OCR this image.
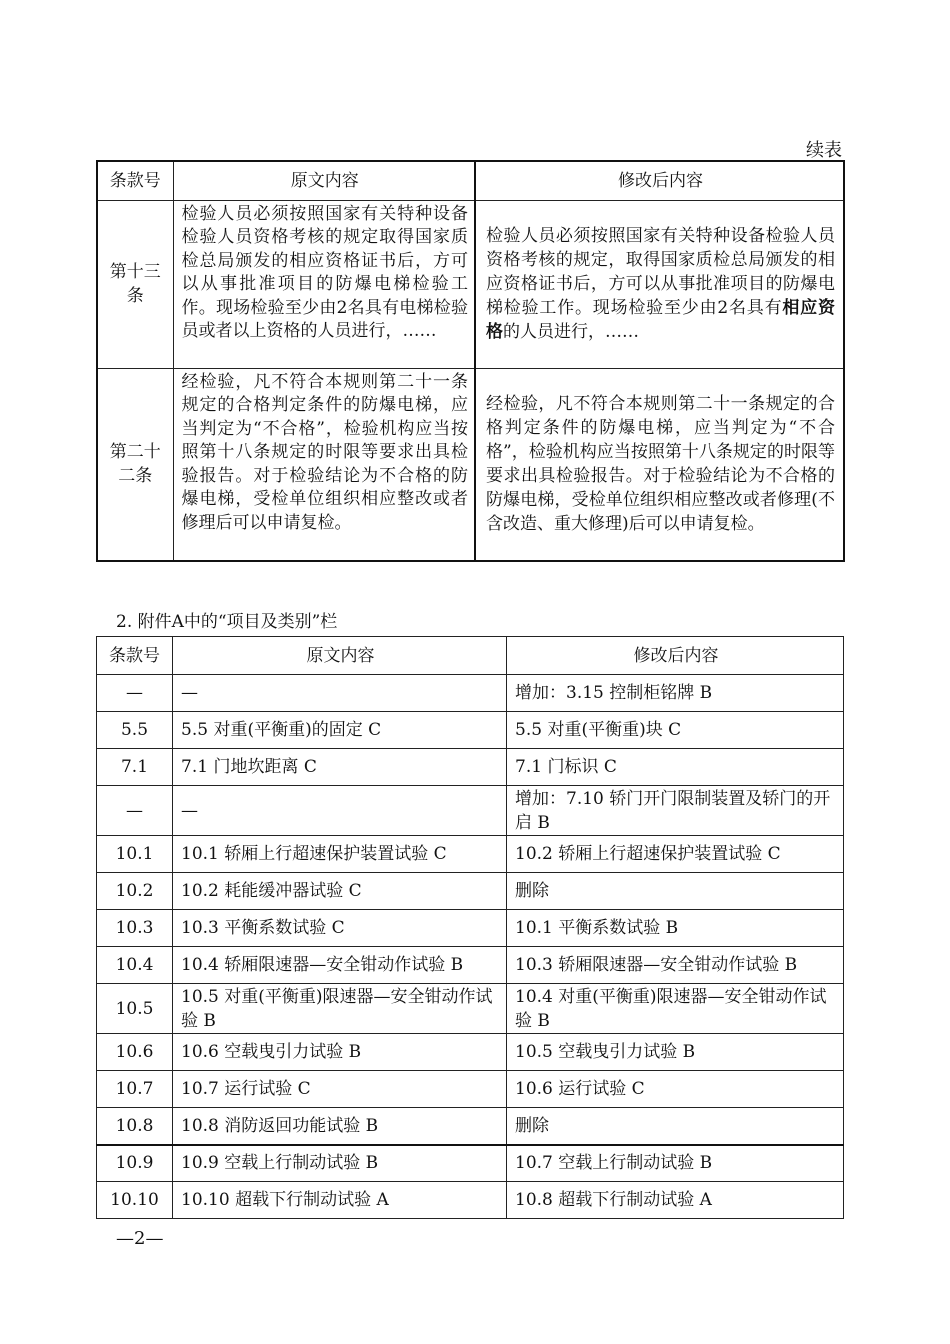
续表
条款号	原文内容	修改后内容
第十三条	检验人员必须按照国家有关特种设备检验人员资格考核的规定取得国家质检总局颁发的相应资格证书后，方可以从事批准项目的防爆电梯检验工作。现场检验至少由2名具有电梯检验员或者以上资格的人员进行，……	检验人员必须按照国家有关特种设备检验人员资格考核的规定，取得国家质检总局颁发的相应资格证书后，方可以从事批准项目的防爆电梯检验工作。现场检验至少由2名具有相应资格的人员进行，……
第二十二条	经检验，凡不符合本规则第二十一条规定的合格判定条件的防爆电梯，应当判定为“不合格”，检验机构应当按照第十八条规定的时限等要求出具检验报告。对于检验结论为不合格的防爆电梯，受检单位组织相应整改或者修理后可以申请复检。	经检验，凡不符合本规则第二十一条规定的合格判定条件的防爆电梯，应当判定为“不合格”，检验机构应当按照第十八条规定的时限等要求出具检验报告。对于检验结论为不合格的防爆电梯，受检单位组织相应整改或者修理(不含改造、重大修理)后可以申请复检。
2. 附件A中的“项目及类别”栏
条款号	原文内容	修改后内容
—	—	增加：3.15 控制柜铭牌 B
5.5	5.5 对重(平衡重)的固定 C	5.5 对重(平衡重)块 C
7.1	7.1 门地坎距离 C	7.1 门标识 C
—	—	增加：7.10 轿门开门限制装置及轿门的开启 B
10.1	10.1 轿厢上行超速保护装置试验 C	10.2 轿厢上行超速保护装置试验 C
10.2	10.2 耗能缓冲器试验 C	删除
10.3	10.3 平衡系数试验 C	10.1 平衡系数试验 B
10.4	10.4 轿厢限速器—安全钳动作试验 B	10.3 轿厢限速器—安全钳动作试验 B
10.5	10.5 对重(平衡重)限速器—安全钳动作试验 B	10.4 对重(平衡重)限速器—安全钳动作试验 B
10.6	10.6 空载曳引力试验 B	10.5 空载曳引力试验 B
10.7	10.7 运行试验 C	10.6 运行试验 C
10.8	10.8 消防返回功能试验 B	删除
10.9	10.9 空载上行制动试验 B	10.7 空载上行制动试验 B
10.10	10.10 超载下行制动试验 A	10.8 超载下行制动试验 A
—2—
